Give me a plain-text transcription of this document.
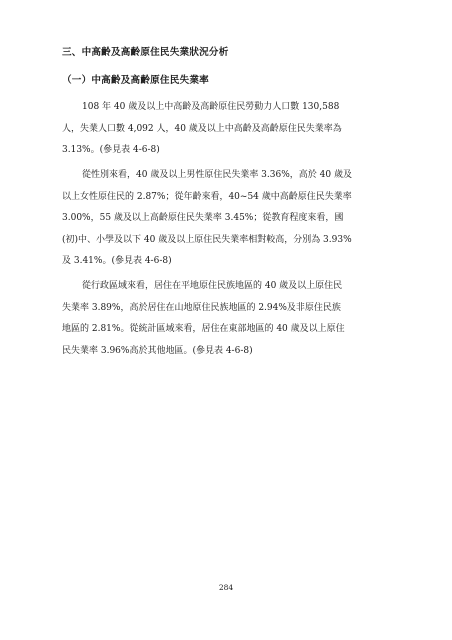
三、中高齡及高齡原住民失業狀況分析
（一）中高齡及高齡原住民失業率
108 年 40 歲及以上中高齡及高齡原住民勞動力人口數 130,588
人，失業人口數 4,092 人，40 歲及以上中高齡及高齡原住民失業率為
3.13%。(參見表 4-6-8)
從性別來看，40 歲及以上男性原住民失業率 3.36%，高於 40 歲及
以上女性原住民的 2.87%；從年齡來看，40~54 歲中高齡原住民失業率
3.00%，55 歲及以上高齡原住民失業率 3.45%；從教育程度來看，國
(初)中、小學及以下 40 歲及以上原住民失業率相對較高，分別為 3.93%
及 3.41%。(參見表 4-6-8)
從行政區域來看，居住在平地原住民族地區的 40 歲及以上原住民
失業率 3.89%，高於居住在山地原住民族地區的 2.94%及非原住民族
地區的 2.81%。從統計區域來看，居住在東部地區的 40 歲及以上原住
民失業率 3.96%高於其他地區。(參見表 4-6-8)
284
